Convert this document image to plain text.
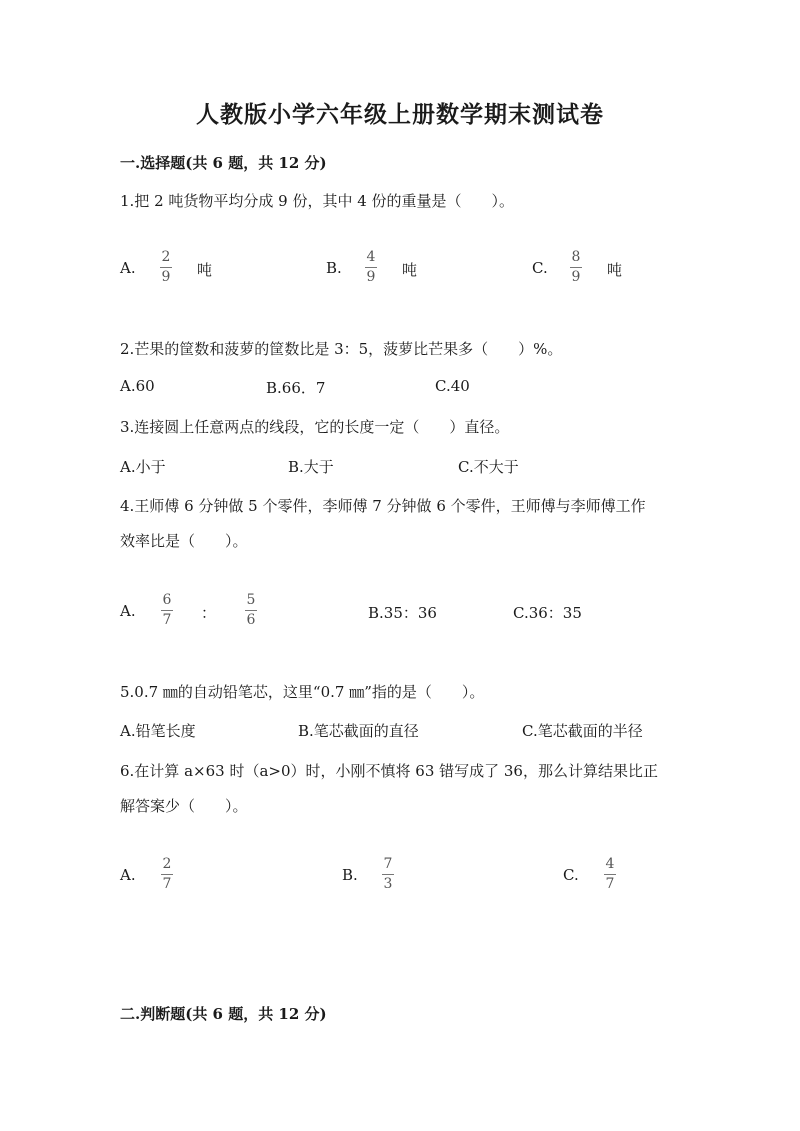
人教版小学六年级上册数学期末测试卷
一.选择题(共 6 题，共 12 分)
1.把 2 吨货物平均分成 9 份，其中 4 份的重量是（　　）。
A.
2
9 吨	B.
4
9 吨	C.
8
9 吨
2.芒果的筐数和菠萝的筐数比是 3：5，菠萝比芒果多（　　）%。
A.60	B.66．7	C.40
3.连接圆上任意两点的线段，它的长度一定（　　）直径。
A.小于	B.大于	C.不大于
4.王师傅 6 分钟做 5 个零件，李师傅 7 分钟做 6 个零件，王师傅与李师傅工作
效率比是（　　）。
A.
6
7 ：
5
6	B.35：36	C.36：35
5.0.7 ㎜的自动铅笔芯，这里“0.7 ㎜”指的是（　　）。
A.铅笔长度	B.笔芯截面的直径	C.笔芯截面的半径
6.在计算 a×63 时（a>0）时，小刚不慎将 63 错写成了 36，那么计算结果比正
解答案少（　　）。
A.
2
7	B.
7
3	C.
4
7
二.判断题(共 6 题，共 12 分)
